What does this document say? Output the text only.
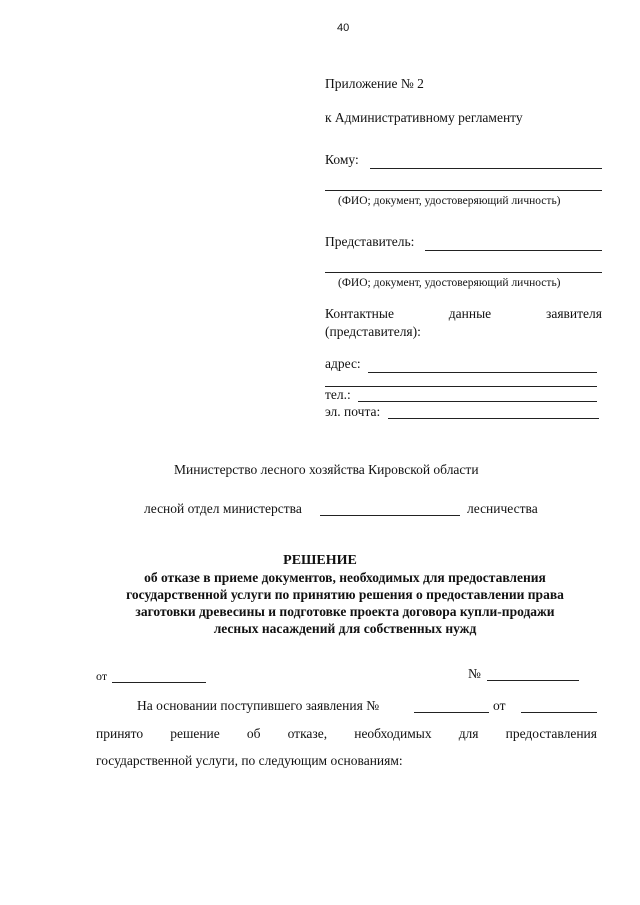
40
Приложение № 2
к Административному регламенту
Кому:
(ФИО; документ, удостоверяющий личность)
Представитель:
(ФИО; документ, удостоверяющий личность)
Контактные	данные	заявителя
(представителя):
адрес:
тел.:
эл. почта:
Министерство лесного хозяйства Кировской области
лесной отдел министерства	лесничества
РЕШЕНИЕ
об отказе в приеме документов, необходимых для предоставления
государственной услуги по принятию решения о предоставлении права
заготовки древесины и подготовке проекта договора купли-продажи
лесных насаждений для собственных нужд
от	№
На основании поступившего заявления №	от
принято решение об отказе, необходимых для предоставления
государственной услуги, по следующим основаниям:
